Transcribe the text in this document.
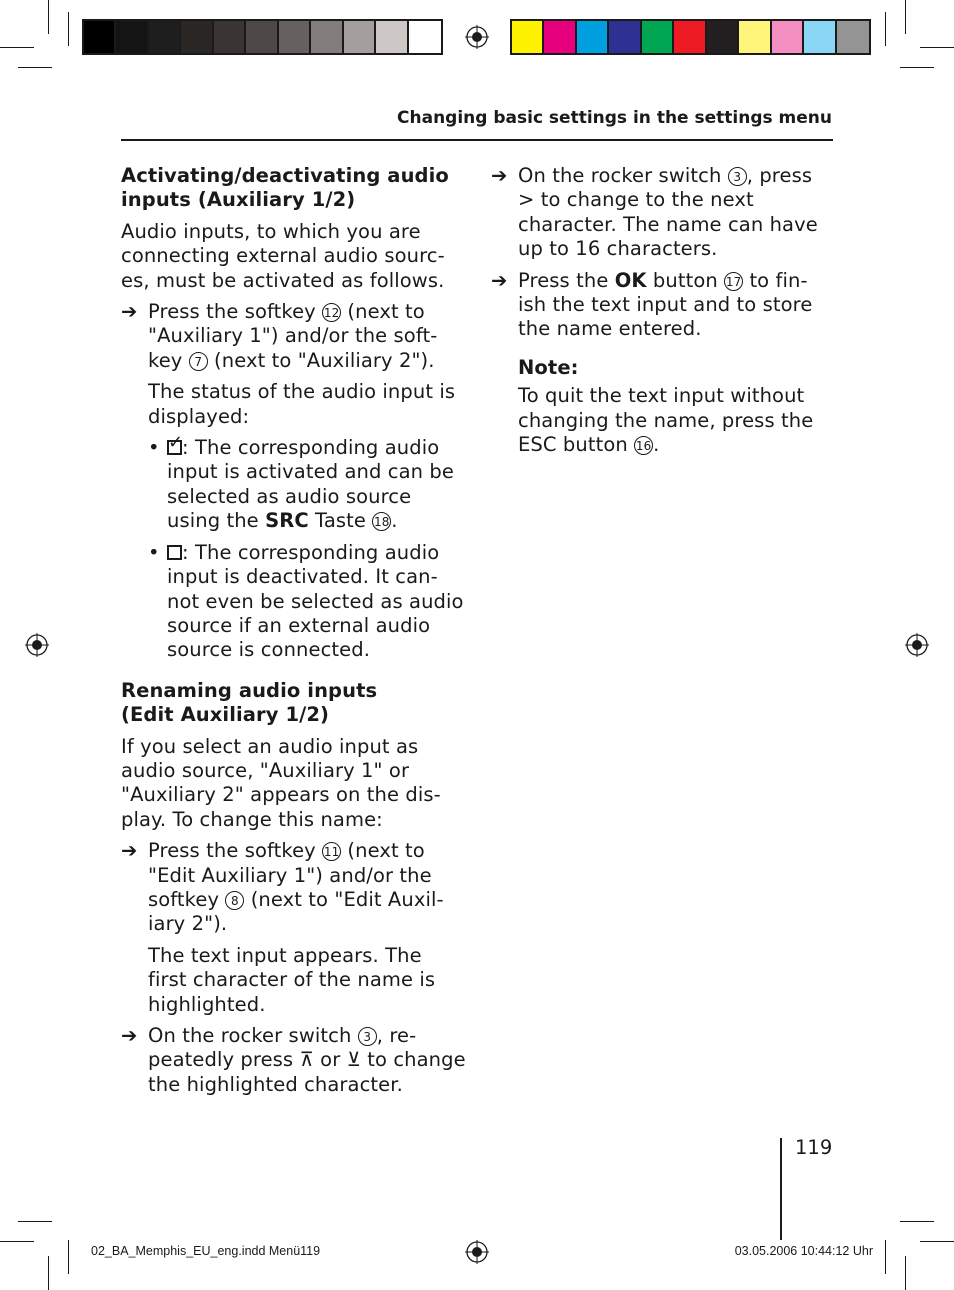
Changing basic settings in the settings menu
Activating/deactivating audio inputs (Auxiliary 1/2)
Audio inputs, to which you are connecting external audio sourc-es, must be activated as follows.
➔ Press the softkey 12 (next to "Auxiliary 1") and/or the soft-key 7 (next to "Auxiliary 2").
The status of the audio input is displayed:
• ✓
: The corresponding audio input is activated and can be selected as audio source using the SRC Taste 18.
• : The corresponding audio input is deactivated. It can-not even be selected as audio source if an external audio source is connected.
Renaming audio inputs
(Edit Auxiliary 1/2)
If you select an audio input as audio source, "Auxiliary 1" or "Auxiliary 2" appears on the dis-play. To change this name:
➔ Press the softkey 11 (next to "Edit Auxiliary 1") and/or the softkey 8 (next to "Edit Auxil-iary 2").
The text input appears. The first character of the name is highlighted.
➔ On the rocker switch 3 , re-peatedly press ⊼ or ⊻ to change the highlighted character.
➔ On the rocker switch 3 , press > to change to the next character. The name can have up to 16 characters.
➔ Press the OK button 17 to fin-ish the text input and to store the name entered.
Note:
To quit the text input without changing the name, press the ESC button 16.
119
02_BA_Memphis_EU_eng.indd Menü119	03.05.2006 10:44:12 Uhr
